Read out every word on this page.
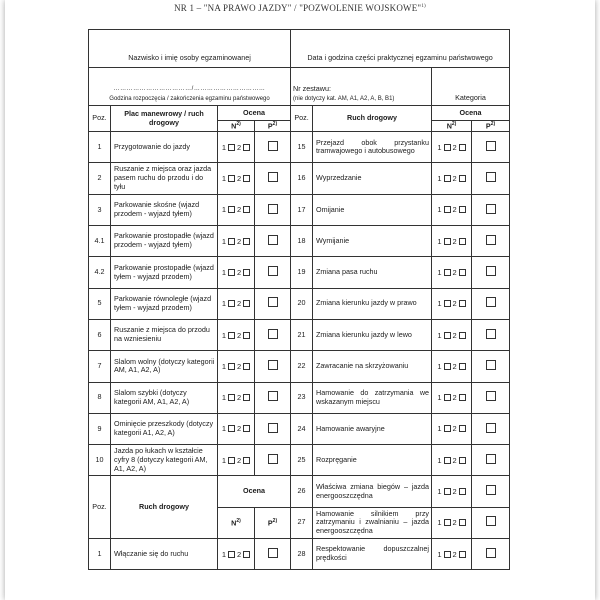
NR 1 – "NA PRAWO JAZDY" / "POZWOLENIE WOJSKOWE"$^{1)}$
Nazwisko i imię osoby egzaminowanej				Data i godzina części praktycznej egzaminu państwowego			

………………………………/……………………………
Godzina rozpoczęcia / zakończenia egzaminu państwowego				Nr zestawu:
(nie dotyczy kat. AM, A1, A2, A, B, B1)		Kategoria	
Poz.	Plac manewrowy / ruch drogowy	Ocena		Poz.	Ruch drogowy	Ocena	
		$N^{2)}$	$P^{2)}$			$N^{2)}$	$P^{2)}$
1	Przygotowanie do jazdy	1 2		15	Przejazd obok przystanku tramwajowego i autobusowego	1 2	

2	Ruszanie z miejsca oraz jazda pasem ruchu do przodu i do tyłu	1 2		16	Wyprzedzanie	1 2	

3	Parkowanie skośne (wjazd przodem - wyjazd tyłem)	1 2		17	Omijanie	1 2	

4.1	Parkowanie prostopadłe (wjazd przodem - wyjazd tyłem)	1 2		18	Wymijanie	1 2	

4.2	Parkowanie prostopadłe (wjazd tyłem - wyjazd przodem)	1 2		19	Zmiana pasa ruchu	1 2	

5	Parkowanie równoległe (wjazd tyłem - wyjazd przodem)	1 2		20	Zmiana kierunku jazdy w prawo	1 2	

6	Ruszanie z miejsca do przodu na wzniesieniu	1 2		21	Zmiana kierunku jazdy w lewo	1 2	

7	Slalom wolny (dotyczy kategorii AM, A1, A2, A)	1 2		22	Zawracanie na skrzyżowaniu	1 2	

8	Slalom szybki (dotyczy kategorii AM, A1, A2, A)	1 2		23	Hamowanie do zatrzymania we wskazanym miejscu	1 2	

9	Ominięcie przeszkody (dotyczy kategorii A1, A2, A)	1 2		24	Hamowanie awaryjne	1 2	

10	Jazda po łukach w kształcie cyfry 8 (dotyczy kategorii AM, A1, A2, A)	1 2		25	Rozpręganie	1 2	

Poz.	Ruch drogowy	Ocena		26	Właściwa zmiana biegów – jazda energooszczędna	1 2	

		$N^{2)}$	$P^{2)}$	27	Hamowanie silnikiem przy zatrzymaniu i zwalnianiu – jazda energooszczędna	1 2	

1	Włączanie się do ruchu	1 2		28	Respektowanie dopuszczalnej prędkości	1 2	
